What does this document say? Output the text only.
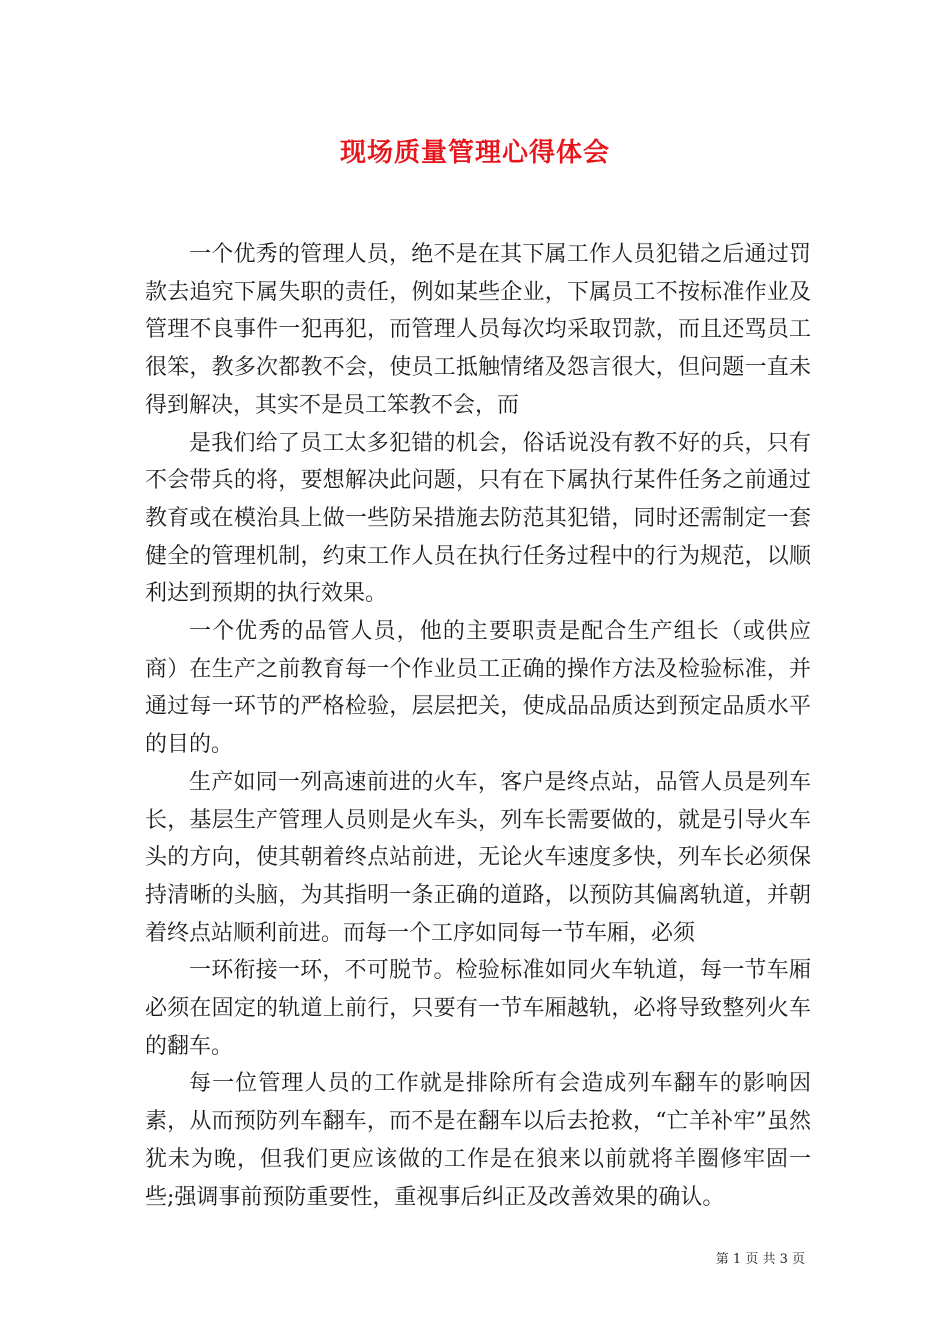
现场质量管理心得体会

一个优秀的管理人员，绝不是在其下属工作人员犯错之后通过罚款去追究下属失职的责任，例如某些企业，下属员工不按标准作业及管理不良事件一犯再犯，而管理人员每次均采取罚款，而且还骂员工很笨，教多次都教不会，使员工抵触情绪及怨言很大，但问题一直未得到解决，其实不是员工笨教不会，而

是我们给了员工太多犯错的机会，俗话说没有教不好的兵，只有不会带兵的将，要想解决此问题，只有在下属执行某件任务之前通过教育或在模治具上做一些防呆措施去防范其犯错，同时还需制定一套健全的管理机制，约束工作人员在执行任务过程中的行为规范，以顺利达到预期的执行效果。

一个优秀的品管人员，他的主要职责是配合生产组长（或供应商）在生产之前教育每一个作业员工正确的操作方法及检验标准，并通过每一环节的严格检验，层层把关，使成品品质达到预定品质水平的目的。

生产如同一列高速前进的火车，客户是终点站，品管人员是列车长，基层生产管理人员则是火车头，列车长需要做的，就是引导火车头的方向，使其朝着终点站前进，无论火车速度多快，列车长必须保持清晰的头脑，为其指明一条正确的道路，以预防其偏离轨道，并朝着终点站顺利前进。而每一个工序如同每一节车厢，必须

一环衔接一环，不可脱节。检验标准如同火车轨道，每一节车厢必须在固定的轨道上前行，只要有一节车厢越轨，必将导致整列火车的翻车。

每一位管理人员的工作就是排除所有会造成列车翻车的影响因素，从而预防列车翻车，而不是在翻车以后去抢救，“亡羊补牢”虽然犹未为晚，但我们更应该做的工作是在狼来以前就将羊圈修牢固一些;强调事前预防重要性，重视事后纠正及改善效果的确认。

第 1 页 共 3 页
